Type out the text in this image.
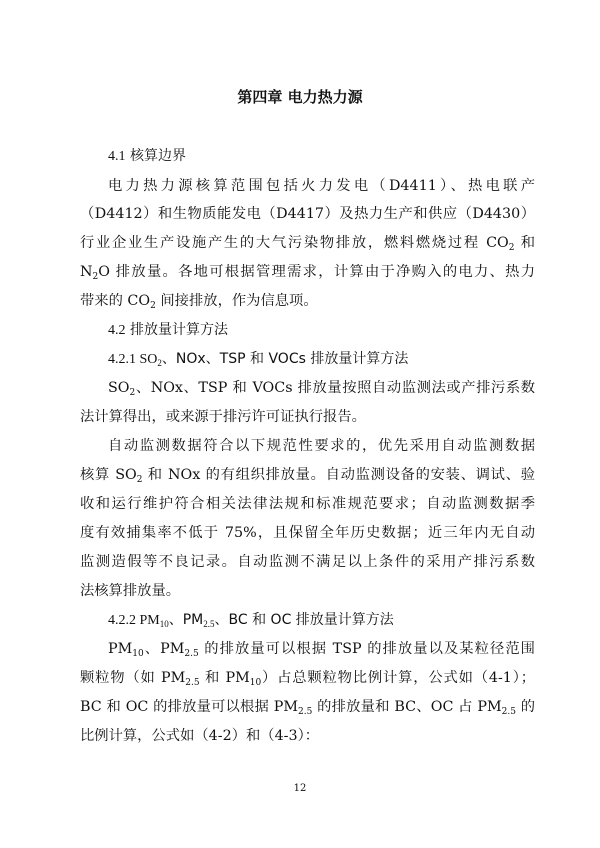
第四章 电力热力源
4.1 核算边界
电力热力源核算范围包括火力发电（D4411）、热电联产
（D4412）和生物质能发电（D4417）及热力生产和供应（D4430）
行业企业生产设施产生的大气污染物排放，燃料燃烧过程 $CO_2$ 和
$N_2O$ 排放量。各地可根据管理需求，计算由于净购入的电力、热力
带来的 $CO_2$ 间接排放，作为信息项。
4.2 排放量计算方法
4.2.1 $SO_2$、NOx、TSP 和 VOCs 排放量计算方法
$SO_2$、NOx、TSP 和 VOCs 排放量按照自动监测法或产排污系数
法计算得出，或来源于排污许可证执行报告。
自动监测数据符合以下规范性要求的，优先采用自动监测数据
核算 $SO_2$ 和 NOx 的有组织排放量。自动监测设备的安装、调试、验
收和运行维护符合相关法律法规和标准规范要求；自动监测数据季
度有效捕集率不低于 75%，且保留全年历史数据；近三年内无自动
监测造假等不良记录。自动监测不满足以上条件的采用产排污系数
法核算排放量。
4.2.2 $PM_{10}$、$PM_{2.5}$、BC 和 OC 排放量计算方法
$PM_{10}$、$PM_{2.5}$ 的排放量可以根据 TSP 的排放量以及某粒径范围
颗粒物（如 $PM_{2.5}$ 和 $PM_{10}$）占总颗粒物比例计算，公式如（4-1）；
BC 和 OC 的排放量可以根据 $PM_{2.5}$ 的排放量和 BC、OC 占 $PM_{2.5}$ 的
比例计算，公式如（4-2）和（4-3）：
12
